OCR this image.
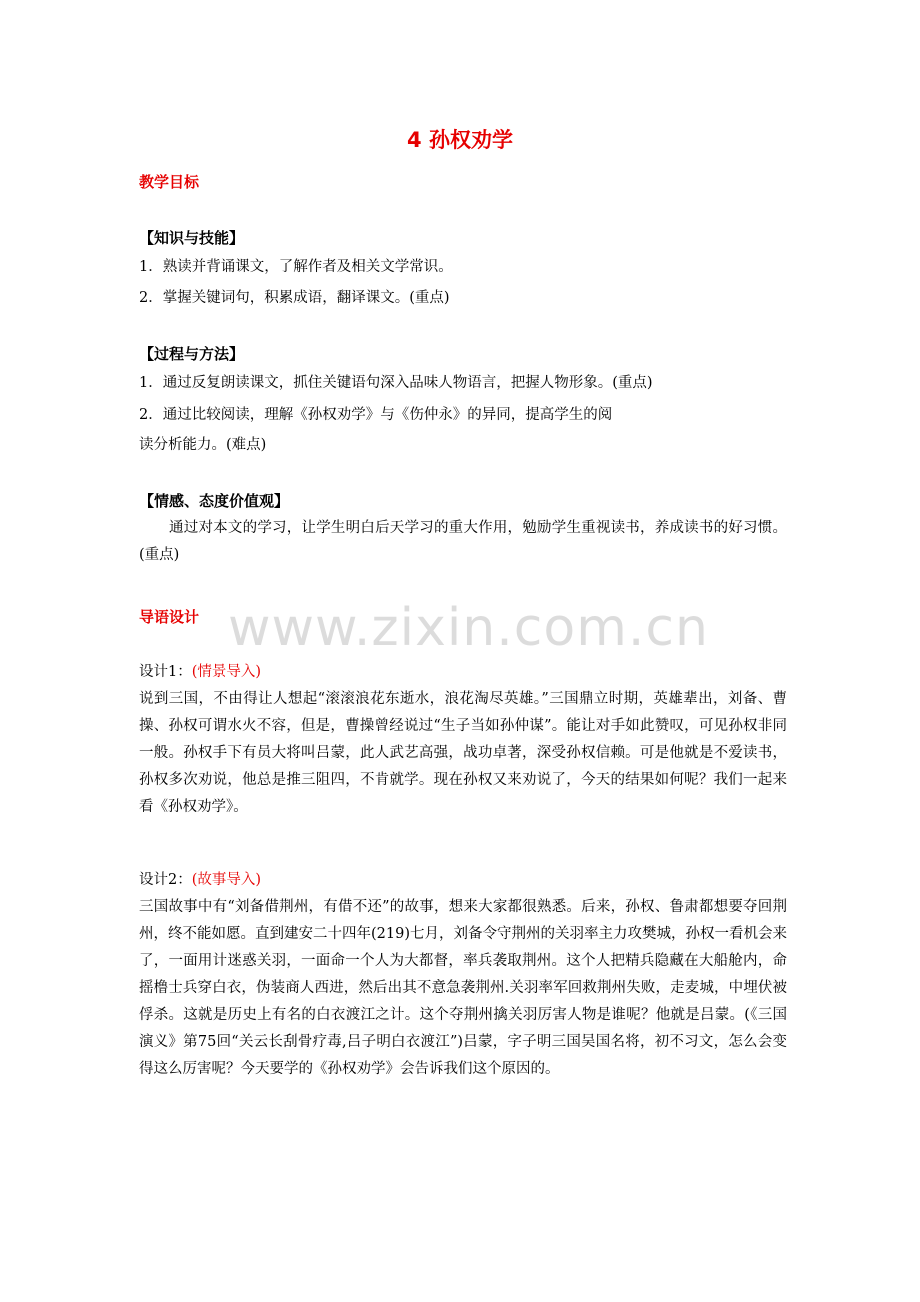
4 孙权劝学
教学目标
【知识与技能】
1．熟读并背诵课文，了解作者及相关文学常识。
2．掌握关键词句，积累成语，翻译课文。(重点)
【过程与方法】
1．通过反复朗读课文，抓住关键语句深入品味人物语言，把握人物形象。(重点)
2．通过比较阅读，理解《孙权劝学》与《伤仲永》的异同，提高学生的阅
读分析能力。(难点)
【情感、态度价值观】
通过对本文的学习，让学生明白后天学习的重大作用，勉励学生重视读书，养成读书的好习惯。(重点)
导语设计 www.zixin.com.cn
设计1：(情景导入)
说到三国，不由得让人想起“滚滚浪花东逝水，浪花淘尽英雄。”三国鼎立时期，英雄辈出，刘备、曹操、孙权可谓水火不容，但是，曹操曾经说过“生子当如孙仲谋”。能让对手如此赞叹，可见孙权非同一般。孙权手下有员大将叫吕蒙，此人武艺高强，战功卓著，深受孙权信赖。可是他就是不爱读书，孙权多次劝说，他总是推三阻四，不肯就学。现在孙权又来劝说了，今天的结果如何呢？我们一起来看《孙权劝学》。
设计2：(故事导入)
三国故事中有“刘备借荆州，有借不还”的故事，想来大家都很熟悉。后来，孙权、鲁肃都想要夺回荆州，终不能如愿。直到建安二十四年(219)七月，刘备令守荆州的关羽率主力攻樊城，孙权一看机会来了，一面用计迷惑关羽，一面命一个人为大都督，率兵袭取荆州。这个人把精兵隐藏在大船舱内，命摇橹士兵穿白衣，伪装商人西进，然后出其不意急袭荆州.关羽率军回救荆州失败，走麦城，中埋伏被俘杀。这就是历史上有名的白衣渡江之计。这个夺荆州擒关羽厉害人物是谁呢？他就是吕蒙。(《三国演义》第75回“关云长刮骨疗毒,吕子明白衣渡江”)吕蒙，字子明三国吴国名将，初不习文，怎么会变得这么厉害呢？今天要学的《孙权劝学》会告诉我们这个原因的。
